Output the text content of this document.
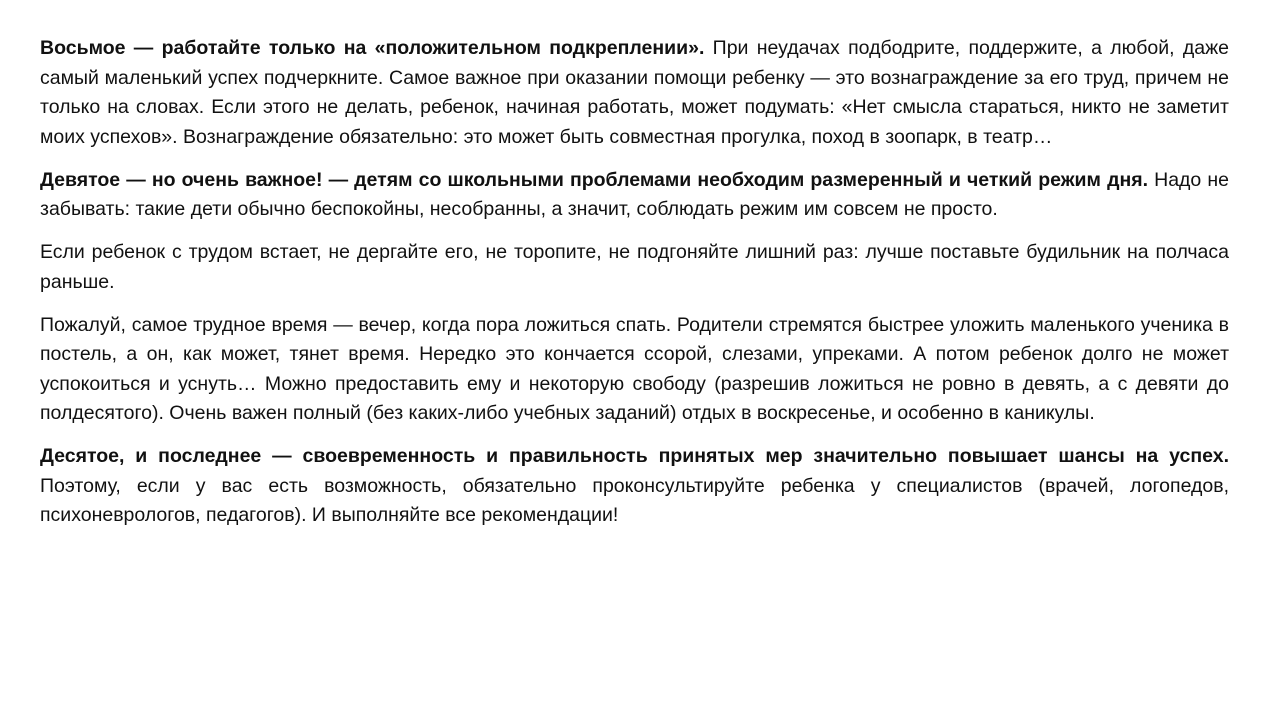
Восьмое — работайте только на «положительном подкреплении». При неудачах подбодрите, поддержите, а любой, даже самый маленький успех подчеркните. Самое важное при оказании помощи ребенку — это вознаграждение за его труд, причем не только на словах. Если этого не делать, ребенок, начиная работать, может подумать: «Нет смысла стараться, никто не заметит моих успехов». Вознаграждение обязательно: это может быть совместная прогулка, поход в зоопарк, в театр…

Девятое — но очень важное! — детям со школьными проблемами необходим размеренный и четкий режим дня. Надо не забывать: такие дети обычно беспокойны, несобранны, а значит, соблюдать режим им совсем не просто.

Если ребенок с трудом встает, не дергайте его, не торопите, не подгоняйте лишний раз: лучше поставьте будильник на полчаса раньше.

Пожалуй, самое трудное время — вечер, когда пора ложиться спать. Родители стремятся быстрее уложить маленького ученика в постель, а он, как может, тянет время. Нередко это кончается ссорой, слезами, упреками. А потом ребенок долго не может успокоиться и уснуть… Можно предоставить ему и некоторую свободу (разрешив ложиться не ровно в девять, а с девяти до полдесятого). Очень важен полный (без каких-либо учебных заданий) отдых в воскресенье, и особенно в каникулы.

Десятое, и последнее — своевременность и правильность принятых мер значительно повышает шансы на успех. Поэтому, если у вас есть возможность, обязательно проконсультируйте ребенка у специалистов (врачей, логопедов, психоневрологов, педагогов). И выполняйте все рекомендации!
